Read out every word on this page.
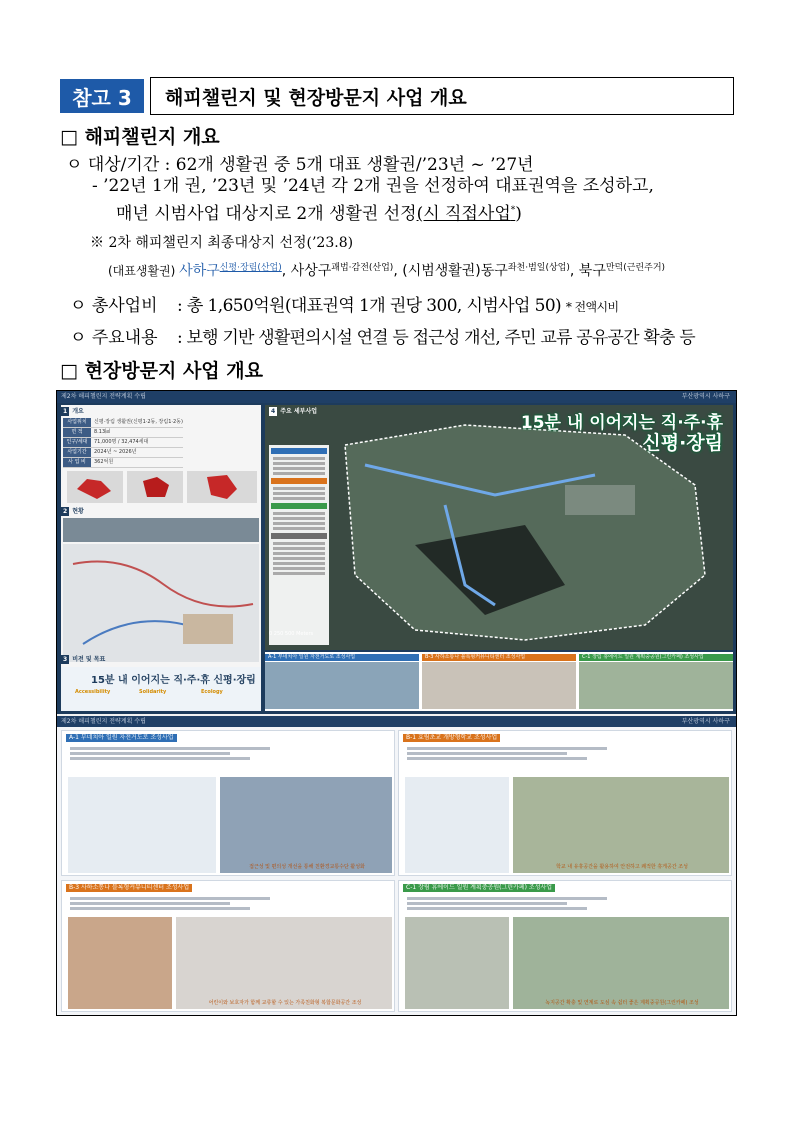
참고 3	해피챌린지 및 현장방문지 사업 개요
□ 해피챌린지 개요
ㅇ 대상/기간 : 62개 생활권 중 5개 대표 생활권/’23년 ~ ’27년
- ’22년 1개 권, ’23년 및 ’24년 각 2개 권을 선정하여 대표권역을 조성하고,
매년 시범사업 대상지로 2개 생활권 선정(시 직접사업*)
※ 2차 해피챌린지 최종대상지 선정(’23.8)
(대표생활권) 사하구$^{신평\cdot 장림(산업)}$, 사상구$^{괘법\cdot 감전(산업)}$, (시범생활권)동구$^{좌천\cdot 범일(상업)}$, 북구$^{만덕(근린주거)}$
ㅇ 총사업비 : 총 1,650억원(대표권역 1개 권당 300, 시범사업 50) * 전액시비
ㅇ 주요내용 : 보행 기반 생활편의시설 연결 등 접근성 개선, 주민 교류 공유공간 확충 등
□ 현장방문지 사업 개요
제2차 해피챌린지 전략계획 수립	부산광역시 사하구
1 개요
사업위치	신평·장림 생활권(신평1·2동, 장림1·2동)
면 적	8.13㎢
인구/세대	71,000명 / 32,474세대
사업기간	2024년 ~ 2026년
사 업 비	362억원
2 현황
3 비전 및 목표
15분 내 이어지는 직·주·휴 신평·장림
Accessibility	Solidarity	Ecology
4 주요 세부사업
15분 내 이어지는 직·주·휴
신평·장림
0 250 500 Meters
A-1 부네치아 일원 자전거도로 조성사업	B-3 사하소통나 블록형커뮤니티센터 조성사업	C-1 장림 휴에이드 일원 계획중공원(그린카페) 조성사업
제2차 해피챌린지 전략계획 수립	부산광역시 사하구
A-1 부네치아 일원 자전거도로 조성사업
접근성 및 편의성 개선을 통해 친환경교통수단 활성화
B-1 효림초교 개방형학교 조성사업
학교 내 유휴공간을 활용하여 안전하고 쾌적한 휴게공간 조성
B-3 사하소통나 블록형커뮤니티센터 조성사업
어린이와 보호자가 함께 교류할 수 있는 가족친화형 복합문화공간 조성
C-1 장림 휴에이드 일원 계획중공원(그린카페) 조성사업
녹지공간 확충 및 연계로 도심 속 쉼터 좋은 계획중공원(그린카페) 조성
